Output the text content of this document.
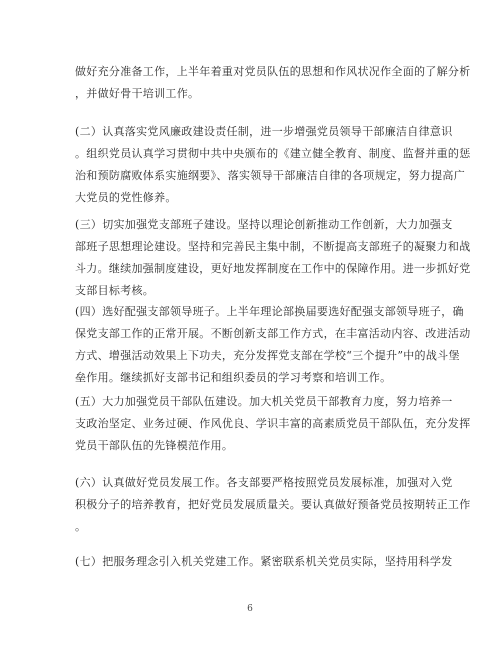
做好充分准备工作，上半年着重对党员队伍的思想和作风状况作全面的了解分析
，并做好骨干培训工作。
(二）认真落实党风廉政建设责任制，进一步增强党员领导干部廉洁自律意识
。组织党员认真学习贯彻中共中央颁布的《建立健全教育、制度、监督并重的惩
治和预防腐败体系实施纲要》、落实领导干部廉洁自律的各项规定，努力提高广
大党员的党性修养。
(三）切实加强党支部班子建设。坚持以理论创新推动工作创新，大力加强支
部班子思想理论建设。坚持和完善民主集中制，不断提高支部班子的凝聚力和战
斗力。继续加强制度建设，更好地发挥制度在工作中的保障作用。进一步抓好党
支部目标考核。
(四）选好配强支部领导班子。上半年理论部换届要选好配强支部领导班子，确
保党支部工作的正常开展。不断创新支部工作方式，在丰富活动内容、改进活动
方式、增强活动效果上下功夫，充分发挥党支部在学校“三个提升”中的战斗堡
垒作用。继续抓好支部书记和组织委员的学习考察和培训工作。
(五）大力加强党员干部队伍建设。加大机关党员干部教育力度，努力培养一
支政治坚定、业务过硬、作风优良、学识丰富的高素质党员干部队伍，充分发挥
党员干部队伍的先锋模范作用。
(六）认真做好党员发展工作。各支部要严格按照党员发展标准，加强对入党
积极分子的培养教育，把好党员发展质量关。要认真做好预备党员按期转正工作
。
(七）把服务理念引入机关党建工作。紧密联系机关党员实际，坚持用科学发
6
